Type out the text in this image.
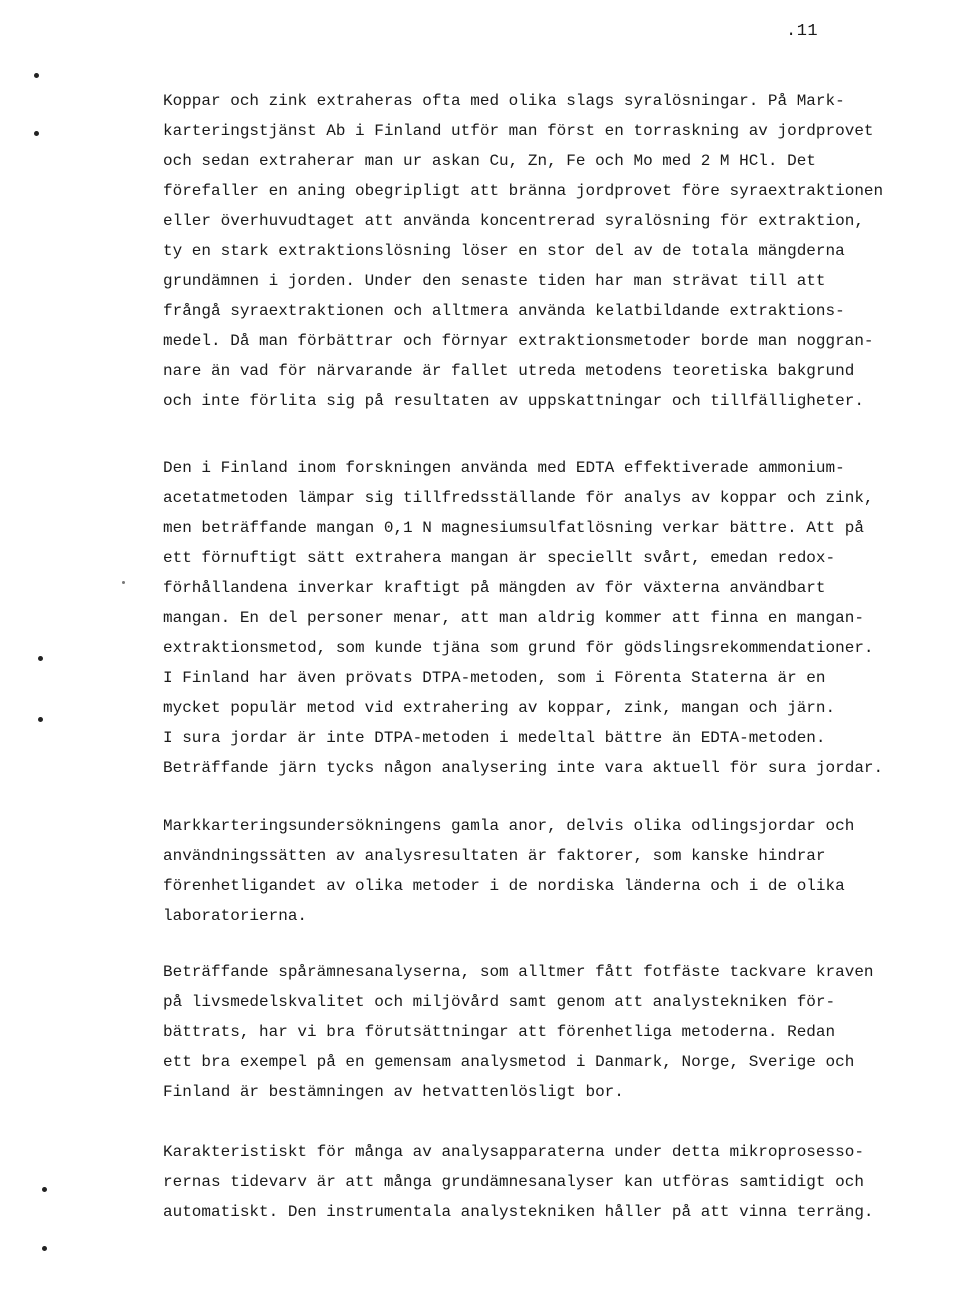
.11
Koppar och zink extraheras ofta med olika slags syralösningar. På Mark-
karteringstjänst Ab i Finland utför man först en torraskning av jordprovet
och sedan extraherar man ur askan Cu, Zn, Fe och Mo med 2 M HCl. Det
förefaller en aning obegripligt att bränna jordprovet före syraextraktionen
eller överhuvudtaget att använda koncentrerad syralösning för extraktion,
ty en stark extraktionslösning löser en stor del av de totala mängderna
grundämnen i jorden. Under den senaste tiden har man strävat till att
frångå syraextraktionen och alltmera använda kelatbildande extraktions-
medel. Då man förbättrar och förnyar extraktionsmetoder borde man noggran-
nare än vad för närvarande är fallet utreda metodens teoretiska bakgrund
och inte förlita sig på resultaten av uppskattningar och tillfälligheter.
Den i Finland inom forskningen använda med EDTA effektiverade ammonium-
acetatmetoden lämpar sig tillfredsställande för analys av koppar och zink,
men beträffande mangan 0,1 N magnesiumsulfatlösning verkar bättre. Att på
ett förnuftigt sätt extrahera mangan är speciellt svårt, emedan redox-
förhållandena inverkar kraftigt på mängden av för växterna användbart
mangan. En del personer menar, att man aldrig kommer att finna en mangan-
extraktionsmetod, som kunde tjäna som grund för gödslingsrekommendationer.
I Finland har även prövats DTPA-metoden, som i Förenta Staterna är en
mycket populär metod vid extrahering av koppar, zink, mangan och järn.
I sura jordar är inte DTPA-metoden i medeltal bättre än EDTA-metoden.
Beträffande järn tycks någon analysering inte vara aktuell för sura jordar.
Markkarteringsundersökningens gamla anor, delvis olika odlingsjordar och
användningssätten av analysresultaten är faktorer, som kanske hindrar
förenhetligandet av olika metoder i de nordiska länderna och i de olika
laboratorierna.
Beträffande spårämnesanalyserna, som alltmer fått fotfäste tackvare kraven
på livsmedelskvalitet och miljövård samt genom att analystekniken för-
bättrats, har vi bra förutsättningar att förenhetliga metoderna. Redan
ett bra exempel på en gemensam analysmetod i Danmark, Norge, Sverige och
Finland är bestämningen av hetvattenlösligt bor.
Karakteristiskt för många av analysapparaterna under detta mikroprosesso-
rernas tidevarv är att många grundämnesanalyser kan utföras samtidigt och
automatiskt. Den instrumentala analystekniken håller på att vinna terräng.
